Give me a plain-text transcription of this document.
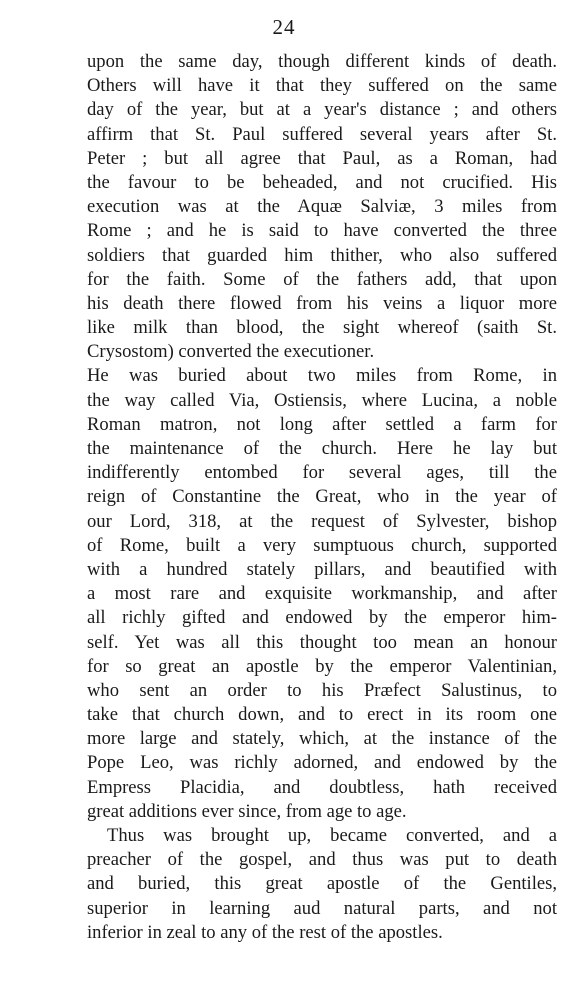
24
upon the same day, though different kinds of death.
Others will have it that they suffered on the same
day of the year, but at a year's distance ; and others
affirm that St. Paul suffered several years after St.
Peter ; but all agree that Paul, as a Roman, had
the favour to be beheaded, and not crucified. His
execution was at the Aquæ Salviæ, 3 miles from
Rome ; and he is said to have converted the three
soldiers that guarded him thither, who also suffered
for the faith. Some of the fathers add, that upon
his death there flowed from his veins a liquor more
like milk than blood, the sight whereof (saith St.
Crysostom) converted the executioner.
He was buried about two miles from Rome, in
the way called Via, Ostiensis, where Lucina, a noble
Roman matron, not long after settled a farm for
the maintenance of the church. Here he lay but
indifferently entombed for several ages, till the
reign of Constantine the Great, who in the year of
our Lord, 318, at the request of Sylvester, bishop
of Rome, built a very sumptuous church, supported
with a hundred stately pillars, and beautified with
a most rare and exquisite workmanship, and after
all richly gifted and endowed by the emperor him-
self. Yet was all this thought too mean an honour
for so great an apostle by the emperor Valentinian,
who sent an order to his Præfect Salustinus, to
take that church down, and to erect in its room one
more large and stately, which, at the instance of the
Pope Leo, was richly adorned, and endowed by the
Empress Placidia, and doubtless, hath received
great additions ever since, from age to age.
Thus was brought up, became converted, and a
preacher of the gospel, and thus was put to death
and buried, this great apostle of the Gentiles,
superior in learning aud natural parts, and not
inferior in zeal to any of the rest of the apostles.
